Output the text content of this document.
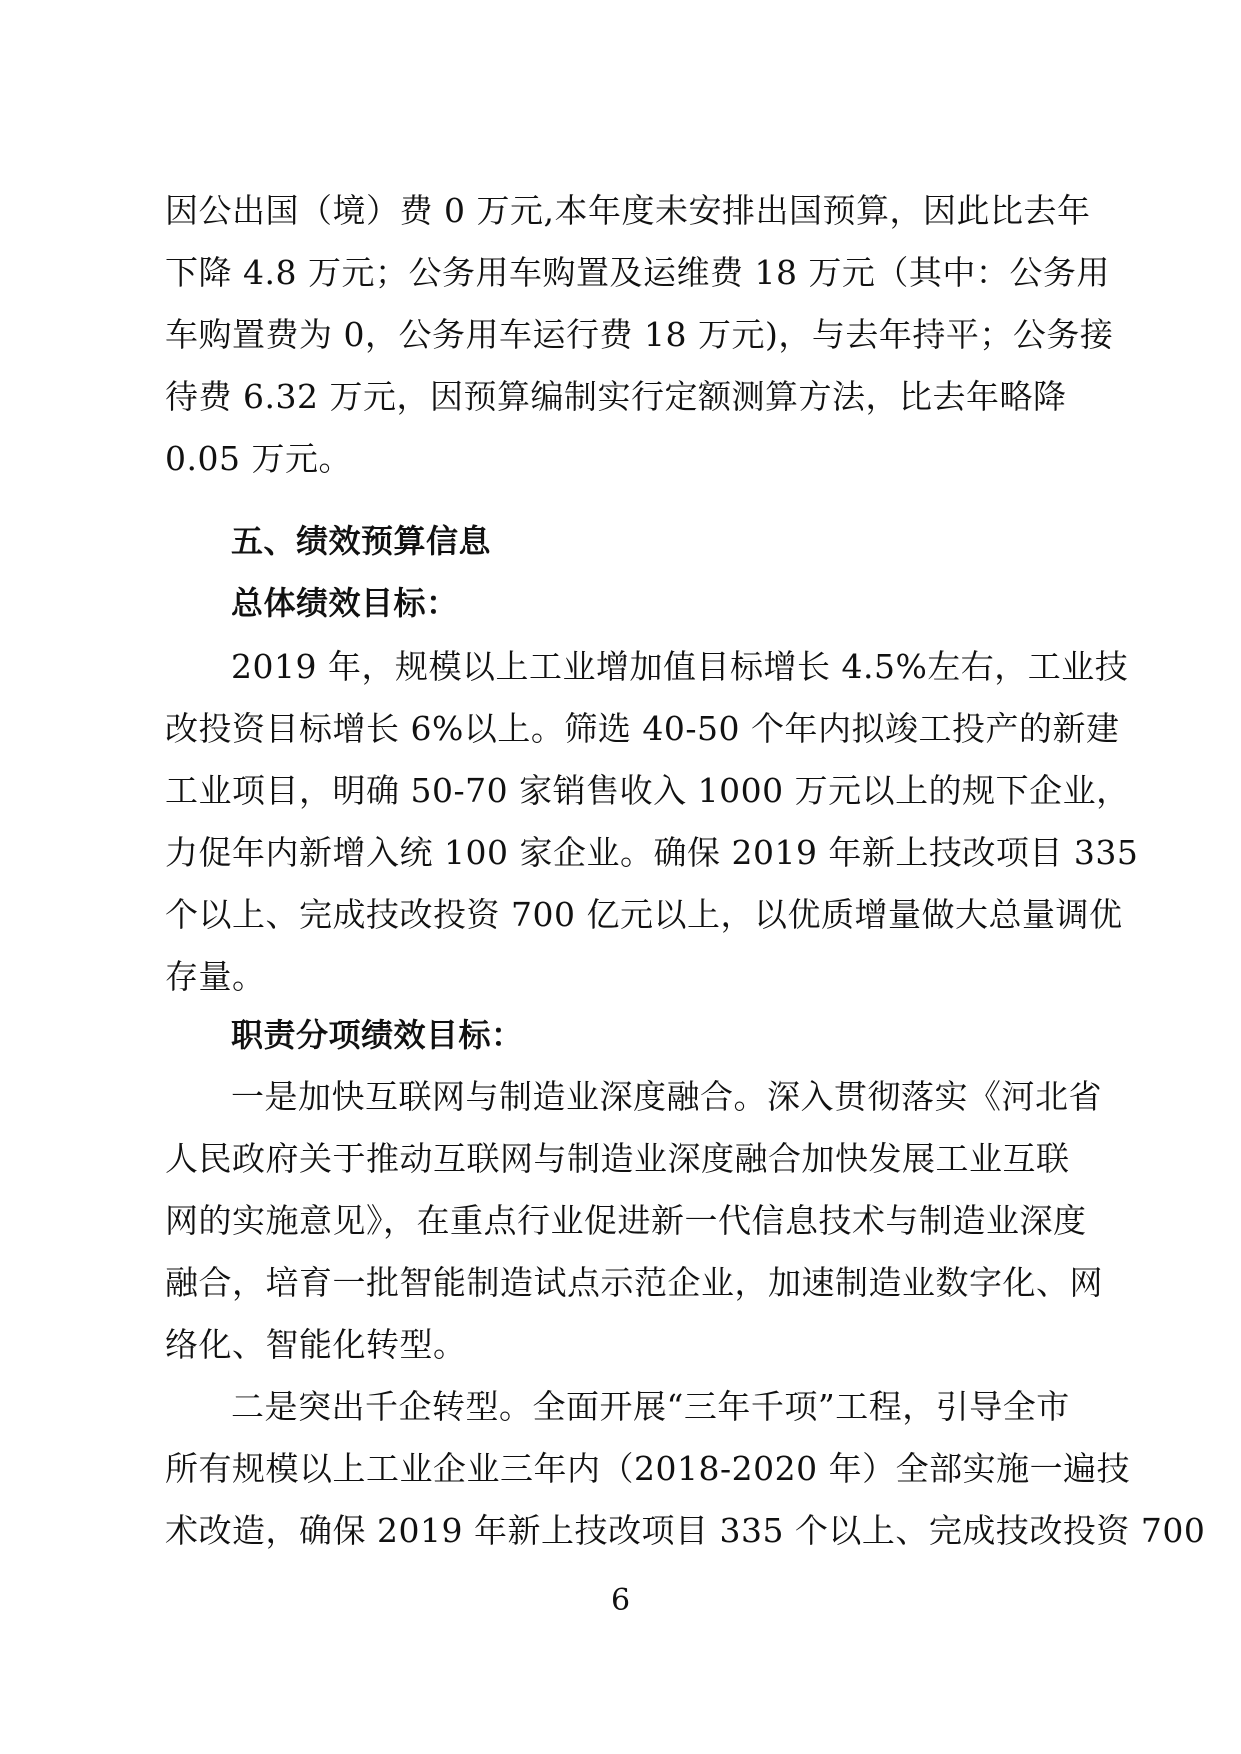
因公出国（境）费 0 万元,本年度未安排出国预算，因此比去年
下降 4.8 万元；公务用车购置及运维费 18 万元（其中：公务用
车购置费为 0，公务用车运行费 18 万元)，与去年持平；公务接
待费 6.32 万元，因预算编制实行定额测算方法，比去年略降
0.05 万元。
五、绩效预算信息
总体绩效目标：
2019 年，规模以上工业增加值目标增长 4.5%左右，工业技
改投资目标增长 6%以上。筛选 40-50 个年内拟竣工投产的新建
工业项目，明确 50-70 家销售收入 1000 万元以上的规下企业，
力促年内新增入统 100 家企业。确保 2019 年新上技改项目 335
个以上、完成技改投资 700 亿元以上，以优质增量做大总量调优
存量。
职责分项绩效目标：
一是加快互联网与制造业深度融合。深入贯彻落实《河北省
人民政府关于推动互联网与制造业深度融合加快发展工业互联
网的实施意见》，在重点行业促进新一代信息技术与制造业深度
融合，培育一批智能制造试点示范企业，加速制造业数字化、网
络化、智能化转型。
二是突出千企转型。全面开展“三年千项”工程，引导全市
所有规模以上工业企业三年内（2018-2020 年）全部实施一遍技
术改造，确保 2019 年新上技改项目 335 个以上、完成技改投资 700
6
